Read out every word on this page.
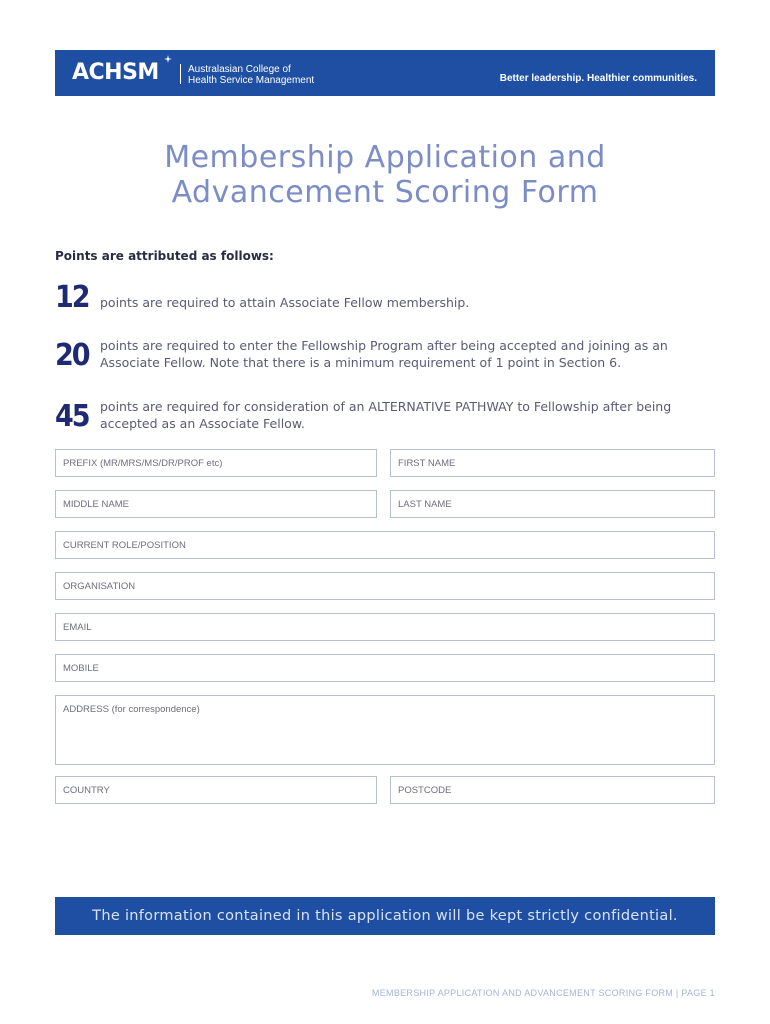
ACHSM	Australasian College of
Health Service Management	Better leadership. Healthier communities.
Membership Application and
Advancement Scoring Form
Points are attributed as follows:
12 points are required to attain Associate Fellow membership.
20 points are required to enter the Fellowship Program after being accepted and joining as an Associate Fellow. Note that there is a minimum requirement of 1 point in Section 6.
45 points are required for consideration of an ALTERNATIVE PATHWAY to Fellowship after being accepted as an Associate Fellow.
PREFIX (MR/MRS/MS/DR/PROF etc)	FIRST NAME
MIDDLE NAME	LAST NAME
CURRENT ROLE/POSITION
ORGANISATION
EMAIL
MOBILE
ADDRESS (for correspondence)
COUNTRY	POSTCODE
The information contained in this application will be kept strictly confidential.
MEMBERSHIP APPLICATION AND ADVANCEMENT SCORING FORM | PAGE 1
